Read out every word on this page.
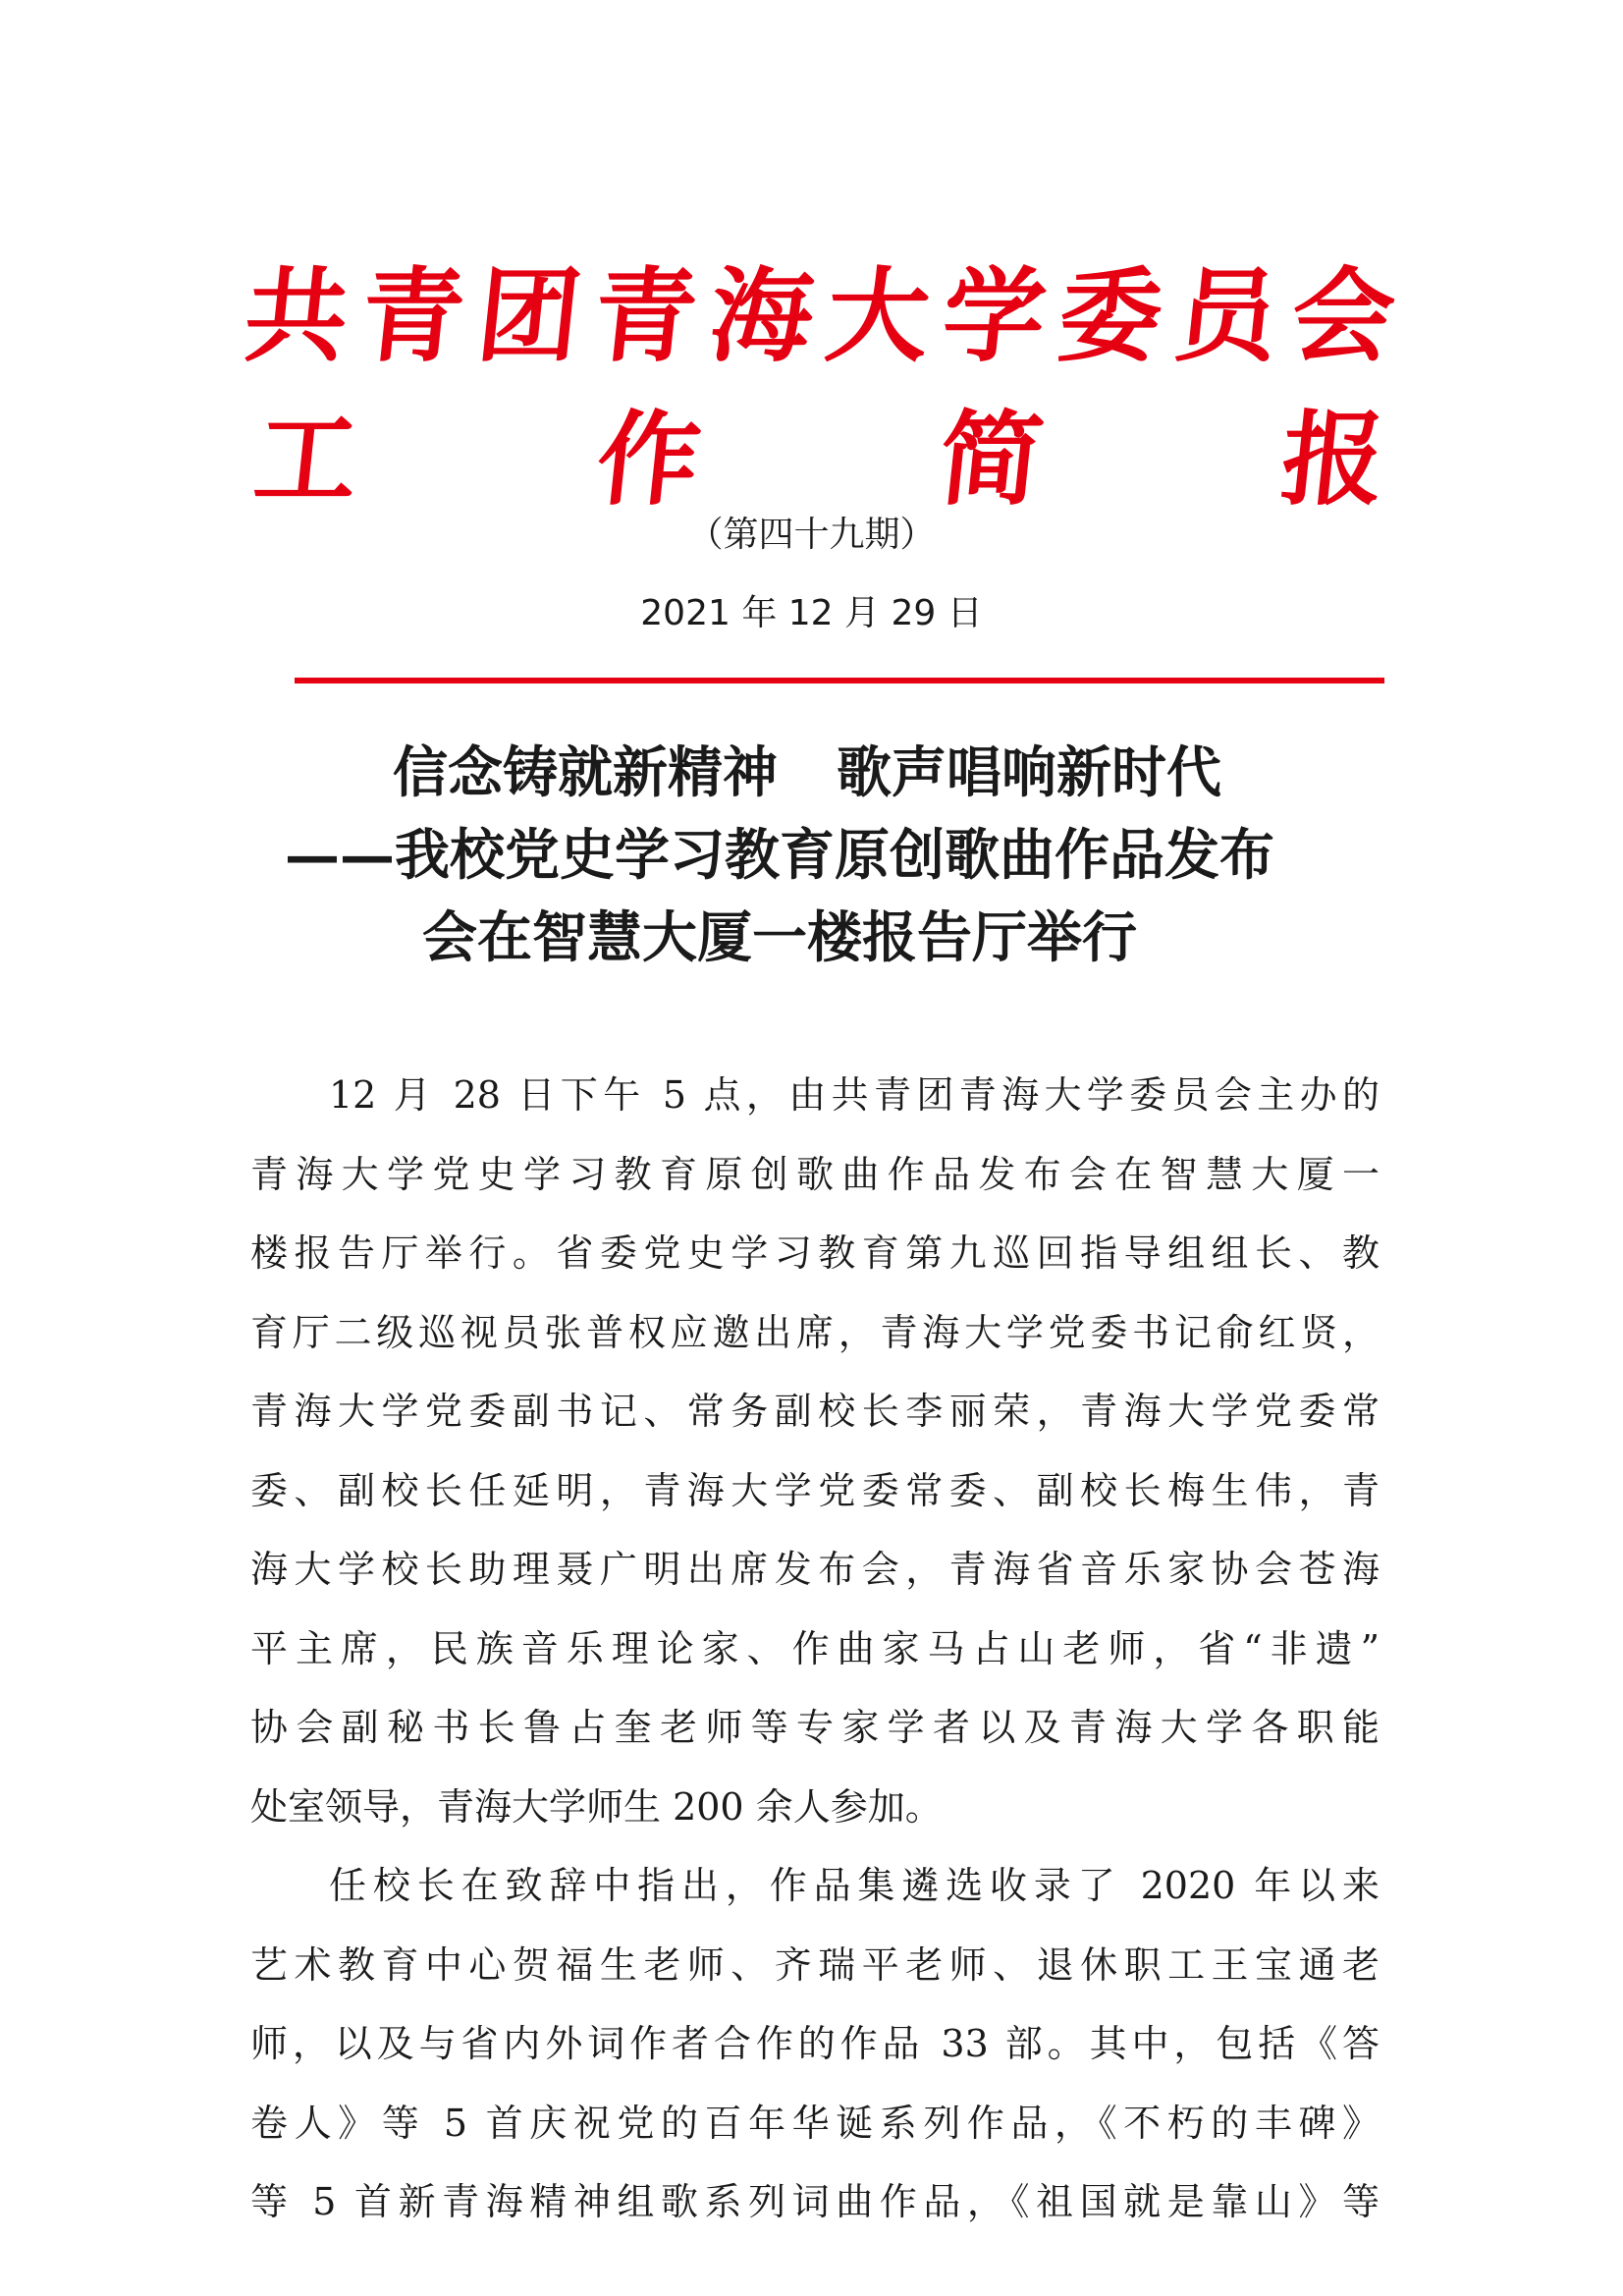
共 青 团 青 海 大 学 委 员 会
工 作 简 报
（第四十九期）
2021 年 12 月 29 日
信念铸就新精神 歌声唱响新时代
——我校党史学习教育原创歌曲作品发布
会在智慧大厦一楼报告厅举行
12 月 28 日下午 5 点，由共青团青海大学委员会主办的
青海大学党史学习教育原创歌曲作品发布会在智慧大厦一
楼报告厅举行。省委党史学习教育第九巡回指导组组长、教
育厅二级巡视员张普权应邀出席，青海大学党委书记俞红贤，
青海大学党委副书记、常务副校长李丽荣，青海大学党委常
委、副校长任延明，青海大学党委常委、副校长梅生伟，青
海大学校长助理聂广明出席发布会，青海省音乐家协会苍海
平主席，民族音乐理论家、作曲家马占山老师，省“非遗”
协会副秘书长鲁占奎老师等专家学者以及青海大学各职能
处室领导，青海大学师生 200 余人参加。
任校长在致辞中指出，作品集遴选收录了 2020 年以来
艺术教育中心贺福生老师、齐瑞平老师、退休职工王宝通老
师，以及与省内外词作者合作的作品 33 部。其中，包括《答
卷人》等 5 首庆祝党的百年华诞系列作品，《不朽的丰碑》
等 5 首新青海精神组歌系列词曲作品，《祖国就是靠山》等
